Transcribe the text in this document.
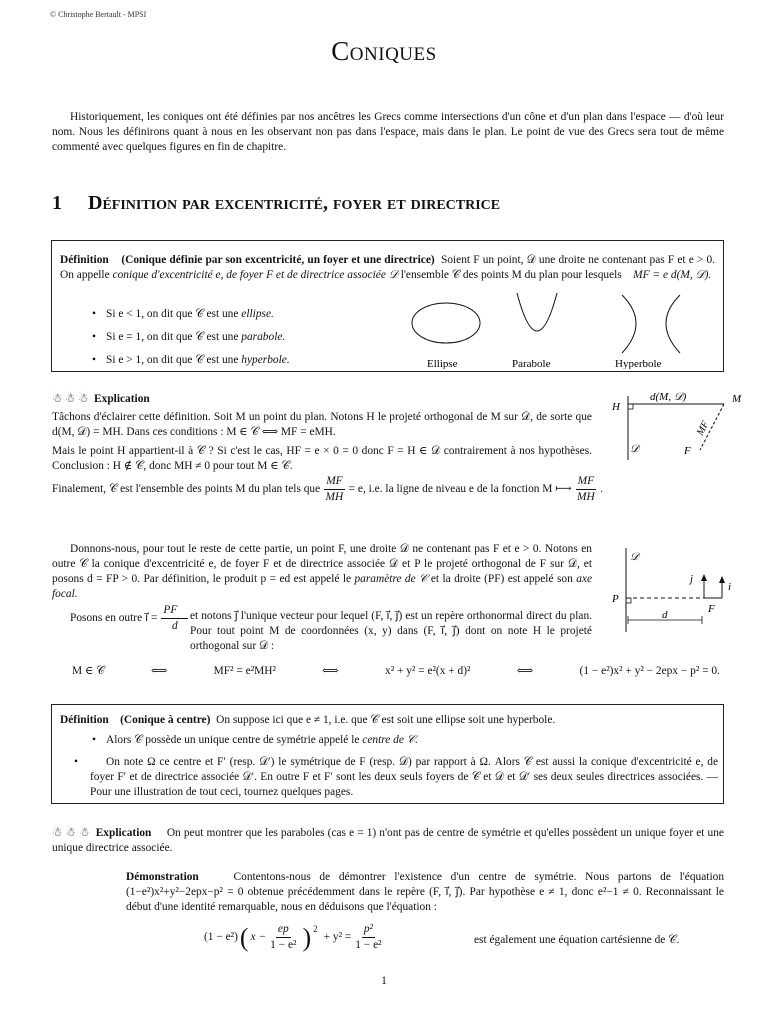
© Christophe Bertault - MPSI
Coniques
Historiquement, les coniques ont été définies par nos ancêtres les Grecs comme intersections d'un cône et d'un plan dans l'espace — d'où leur nom. Nous les définirons quant à nous en les observant non pas dans l'espace, mais dans le plan. Le point de vue des Grecs sera tout de même commenté avec quelques figures en fin de chapitre.
1 Définition par excentricité, foyer et directrice
Définition (Conique définie par son excentricité, un foyer et une directrice) Soient F un point, 𝒟 une droite ne contenant pas F et e > 0. On appelle conique d'excentricité e, de foyer F et de directrice associée 𝒟 l'ensemble 𝒞 des points M du plan pour lesquels MF = e d(M, 𝒟).
• Si e < 1, on dit que 𝒞 est une ellipse.
• Si e = 1, on dit que 𝒞 est une parabole.
• Si e > 1, on dit que 𝒞 est une hyperbole.	Ellipse	Parabole	Hyperbole
☃ ☃ ☃ Explication
Tâchons d'éclairer cette définition. Soit M un point du plan. Notons H le projeté orthogonal de M sur 𝒟, de sorte que d(M, 𝒟) = MH. Dans ces conditions : M ∈ 𝒞 ⟺ MF = eMH.
Mais le point H appartient-il à 𝒞 ? Si c'est le cas, HF = e × 0 = 0 donc F = H ∈ 𝒟 contrairement à nos hypothèses. Conclusion : H ∉ 𝒞, donc MH ≠ 0 pour tout M ∈ 𝒞.
Finalement, 𝒞 est l'ensemble des points M du plan tels que $\frac{MF}{MH} = e$, i.e. la ligne de niveau e de la fonction M ⟼ $\frac{MF}{MH}$ .
H
M
𝒟	F
d(M, 𝒟)
MF
Donnons-nous, pour tout le reste de cette partie, un point F, une droite 𝒟 ne contenant pas F et e > 0. Notons en outre 𝒞 la conique d'excentricité e, de foyer F et de directrice associée 𝒟 et P le projeté orthogonal de F sur 𝒟, et posons d = FP > 0. Par définition, le produit p = ed est appelé le paramètre de 𝒞 et la droite (PF) est appelé son axe focal.
Posons en outre i⃗ = $\frac{PF⃗}{d}$ et notons j⃗ l'unique vecteur pour lequel (F, i⃗, j⃗) est un repère orthonormal direct du plan. Pour tout point M de coordonnées (x, y) dans (F, i⃗, j⃗) dont on note H le projeté orthogonal sur 𝒟 :
M ∈ 𝒞	⟺	MF² = e²MH²	⟺	x² + y² = e²(x + d)²	⟺	(1 − e²)x² + y² − 2epx − p² = 0.
𝒟
P
F
d
j⃗
i⃗
Définition (Conique à centre) On suppose ici que e ≠ 1, i.e. que 𝒞 est soit une ellipse soit une hyperbole.
• Alors 𝒞 possède un unique centre de symétrie appelé le centre de 𝒞.
• On note Ω ce centre et F′ (resp. 𝒟′) le symétrique de F (resp. 𝒟) par rapport à Ω. Alors 𝒞 est aussi la conique d'excentricité e, de foyer F′ et de directrice associée 𝒟′. En outre F et F′ sont les deux seuls foyers de 𝒞 et 𝒟 et 𝒟′ ses deux seules directrices associées. — Pour une illustration de tout ceci, tournez quelques pages.
☃ ☃ ☃ Explication On peut montrer que les paraboles (cas e = 1) n'ont pas de centre de symétrie et qu'elles possèdent un unique foyer et une unique directrice associée.
Démonstration	Contentons-nous de démontrer l'existence d'un centre de symétrie. Nous partons de l'équation (1−e²)x²+y²−2epx−p² = 0 obtenue précédemment dans le repère (F, i⃗, j⃗). Par hypothèse e ≠ 1, donc e²−1 ≠ 0. Reconnaissant le début d'une identité remarquable, nous en déduisons que l'équation :
(1 − e²) ( $x - \frac{ep}{\text{1 − e²}} )^2$
+ $y^2 = \frac{\text{p²}}{\text{1 − e²}}$	est également une équation cartésienne de 𝒞.
1
